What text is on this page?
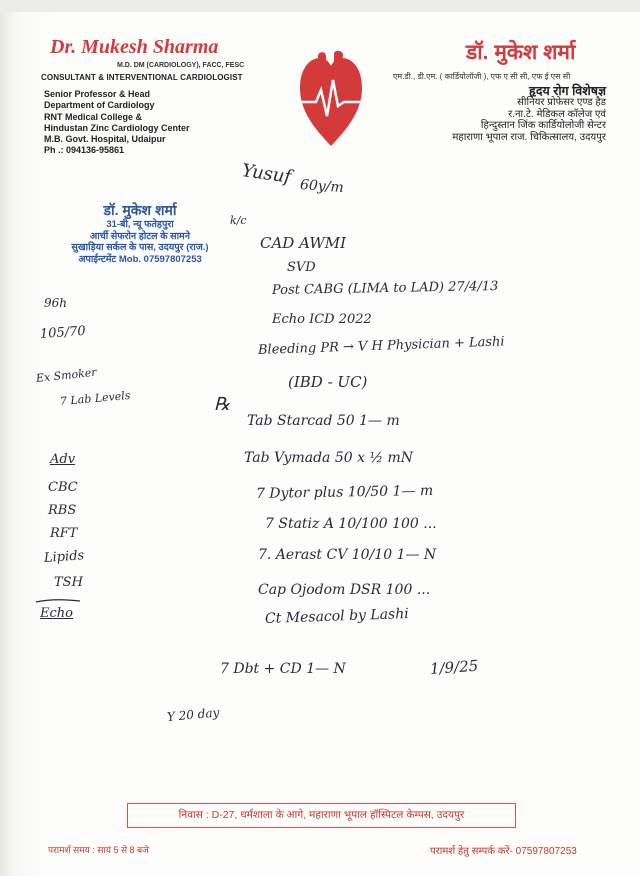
Dr. Mukesh Sharma
M.D. DM (CARDIOLOGY), FACC, FESC
CONSULTANT & INTERVENTIONAL CARDIOLOGIST
Senior Professor & Head
Department of Cardiology
RNT Medical College &
Hindustan Zinc Cardiology Center
M.B. Govt. Hospital, Udaipur
Ph .: 094136-95861
डॉ. मुकेश शर्मा
एम.डी., डी.एम. ( कार्डियोलॉजी ), एफ ए सी सी, एफ ई एस सी
हृदय रोग विशेषज्ञ
सीनियर प्रोफेसर एण्ड हैड
र.ना.टे. मेडिकल कॉलेज एवं
हिन्दुस्तान जिंक कार्डियोलोजी सेन्टर
महाराणा भूपाल राज. चिकित्सालय, उदयपुर
डॉ. मुकेश शर्मा
31-बी, न्यू फतेहपुरा
आर्ची सेफरोन होटल के सामने
सुखाड़िया सर्कल के पास, उदयपुर (राज.)
अपाईन्टमेंट Mob. 07597807253
Yusuf 60y/m
k/c
CAD AWMI
SVD
Post CABG (LIMA to LAD) 27/4/13
Echo ICD 2022
Bleeding PR → V H Physician + Lashi
(IBD - UC)
96h
105/70
Ex Smoker
7 Lab Levels
Adv
CBC
RBS
RFT
Lipids
TSH
Echo
℞
Tab Starcad 50 1— m
Tab Vymada 50 x ½ mN
7 Dytor plus 10/50 1— m
7 Statiz A 10/100 100 ...
7. Aerast CV 10/10 1— N
Cap Ojodom DSR 100 ...
Ct Mesacol by Lashi
7 Dbt + CD 1— N	1/9/25
Y 20 day
निवास : D-27, धर्मशाला के आगे, महाराणा भूपाल हॉस्पिटल केम्पस, उदयपुर
परामर्श समय : सायं 5 से 8 बजे	परामर्श हेतु सम्पर्क करें- 07597807253
